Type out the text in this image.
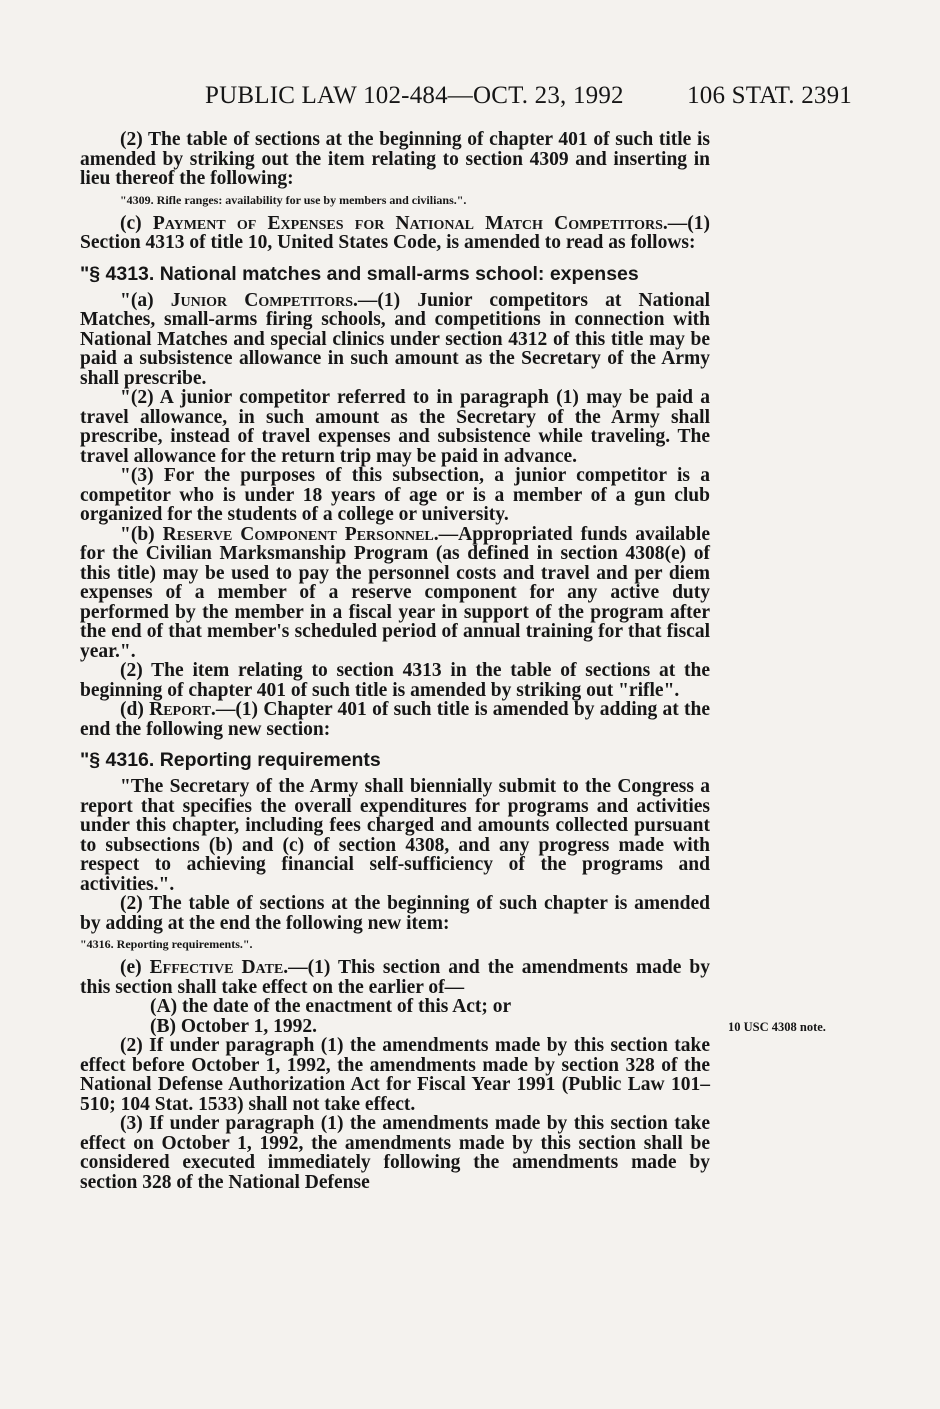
PUBLIC LAW 102-484—OCT. 23, 1992	106 STAT. 2391

(2) The table of sections at the beginning of chapter 401 of such title is amended by striking out the item relating to section 4309 and inserting in lieu thereof the following:

"4309. Rifle ranges: availability for use by members and civilians.".

(c) Payment of Expenses for National Match Competitors.—(1) Section 4313 of title 10, United States Code, is amended to read as follows:

"§ 4313. National matches and small-arms school: expenses

"(a) Junior Competitors.—(1) Junior competitors at National Matches, small-arms firing schools, and competitions in connection with National Matches and special clinics under section 4312 of this title may be paid a subsistence allowance in such amount as the Secretary of the Army shall prescribe.

"(2) A junior competitor referred to in paragraph (1) may be paid a travel allowance, in such amount as the Secretary of the Army shall prescribe, instead of travel expenses and subsistence while traveling. The travel allowance for the return trip may be paid in advance.

"(3) For the purposes of this subsection, a junior competitor is a competitor who is under 18 years of age or is a member of a gun club organized for the students of a college or university.

"(b) Reserve Component Personnel.—Appropriated funds available for the Civilian Marksmanship Program (as defined in section 4308(e) of this title) may be used to pay the personnel costs and travel and per diem expenses of a member of a reserve component for any active duty performed by the member in a fiscal year in support of the program after the end of that member's scheduled period of annual training for that fiscal year.".

(2) The item relating to section 4313 in the table of sections at the beginning of chapter 401 of such title is amended by striking out "rifle".

(d) Report.—(1) Chapter 401 of such title is amended by adding at the end the following new section:

"§ 4316. Reporting requirements

"The Secretary of the Army shall biennially submit to the Congress a report that specifies the overall expenditures for programs and activities under this chapter, including fees charged and amounts collected pursuant to subsections (b) and (c) of section 4308, and any progress made with respect to achieving financial self-sufficiency of the programs and activities.".

(2) The table of sections at the beginning of such chapter is amended by adding at the end the following new item:

"4316. Reporting requirements.".

(e) Effective Date.—(1) This section and the amendments made by this section shall take effect on the earlier of—

(A) the date of the enactment of this Act; or

(B) October 1, 1992.

(2) If under paragraph (1) the amendments made by this section take effect before October 1, 1992, the amendments made by section 328 of the National Defense Authorization Act for Fiscal Year 1991 (Public Law 101–510; 104 Stat. 1533) shall not take effect.

(3) If under paragraph (1) the amendments made by this section take effect on October 1, 1992, the amendments made by this section shall be considered executed immediately following the amendments made by section 328 of the National Defense

10 USC 4308 note.
